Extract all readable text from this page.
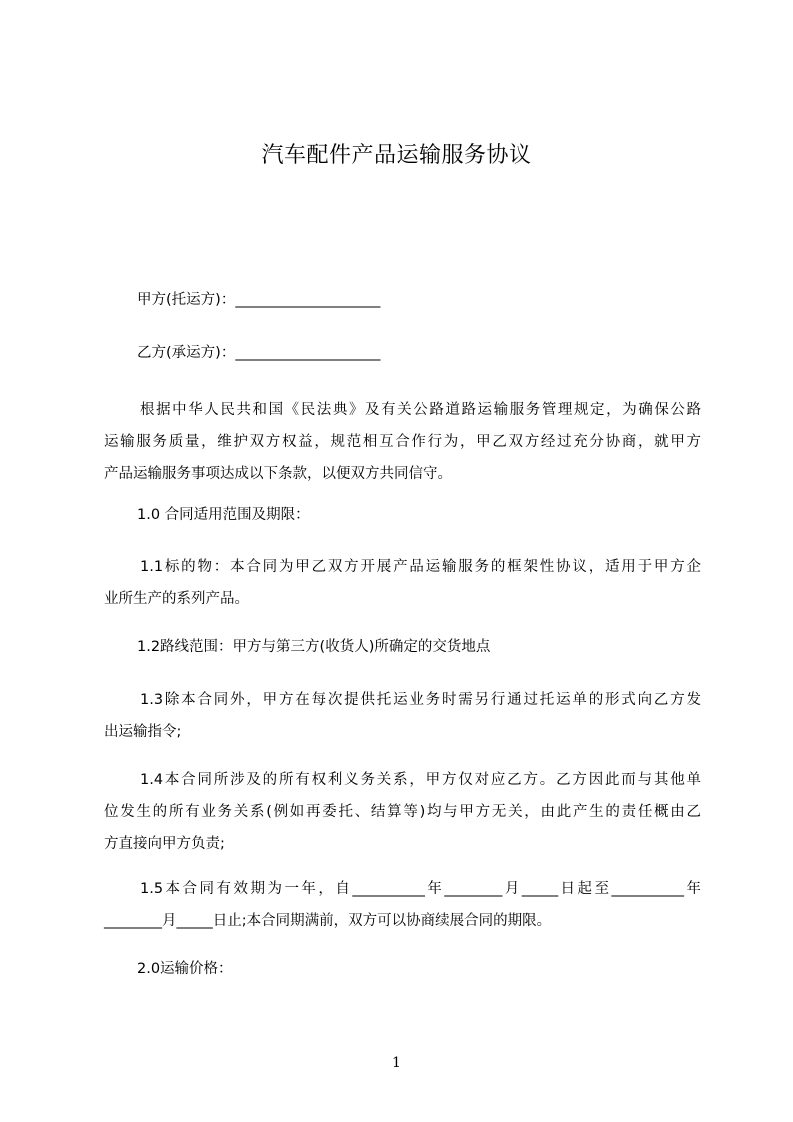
汽车配件产品运输服务协议
甲方(托运方)：____________________
乙方(承运方)：____________________
根据中华人民共和国《民法典》及有关公路道路运输服务管理规定，为确保公路
运输服务质量，维护双方权益，规范相互合作行为，甲乙双方经过充分协商，就甲方
产品运输服务事项达成以下条款，以便双方共同信守。
1.0 合同适用范围及期限：
1.1标的物：本合同为甲乙双方开展产品运输服务的框架性协议，适用于甲方企
业所生产的系列产品。
1.2路线范围：甲方与第三方(收货人)所确定的交货地点
1.3除本合同外，甲方在每次提供托运业务时需另行通过托运单的形式向乙方发
出运输指令;
1.4本合同所涉及的所有权利义务关系，甲方仅对应乙方。乙方因此而与其他单
位发生的所有业务关系(例如再委托、结算等)均与甲方无关，由此产生的责任概由乙
方直接向甲方负责;
1.5本合同有效期为一年，自__________年________月_____日起至__________年
________月_____日止;本合同期满前，双方可以协商续展合同的期限。
2.0运输价格：
1
